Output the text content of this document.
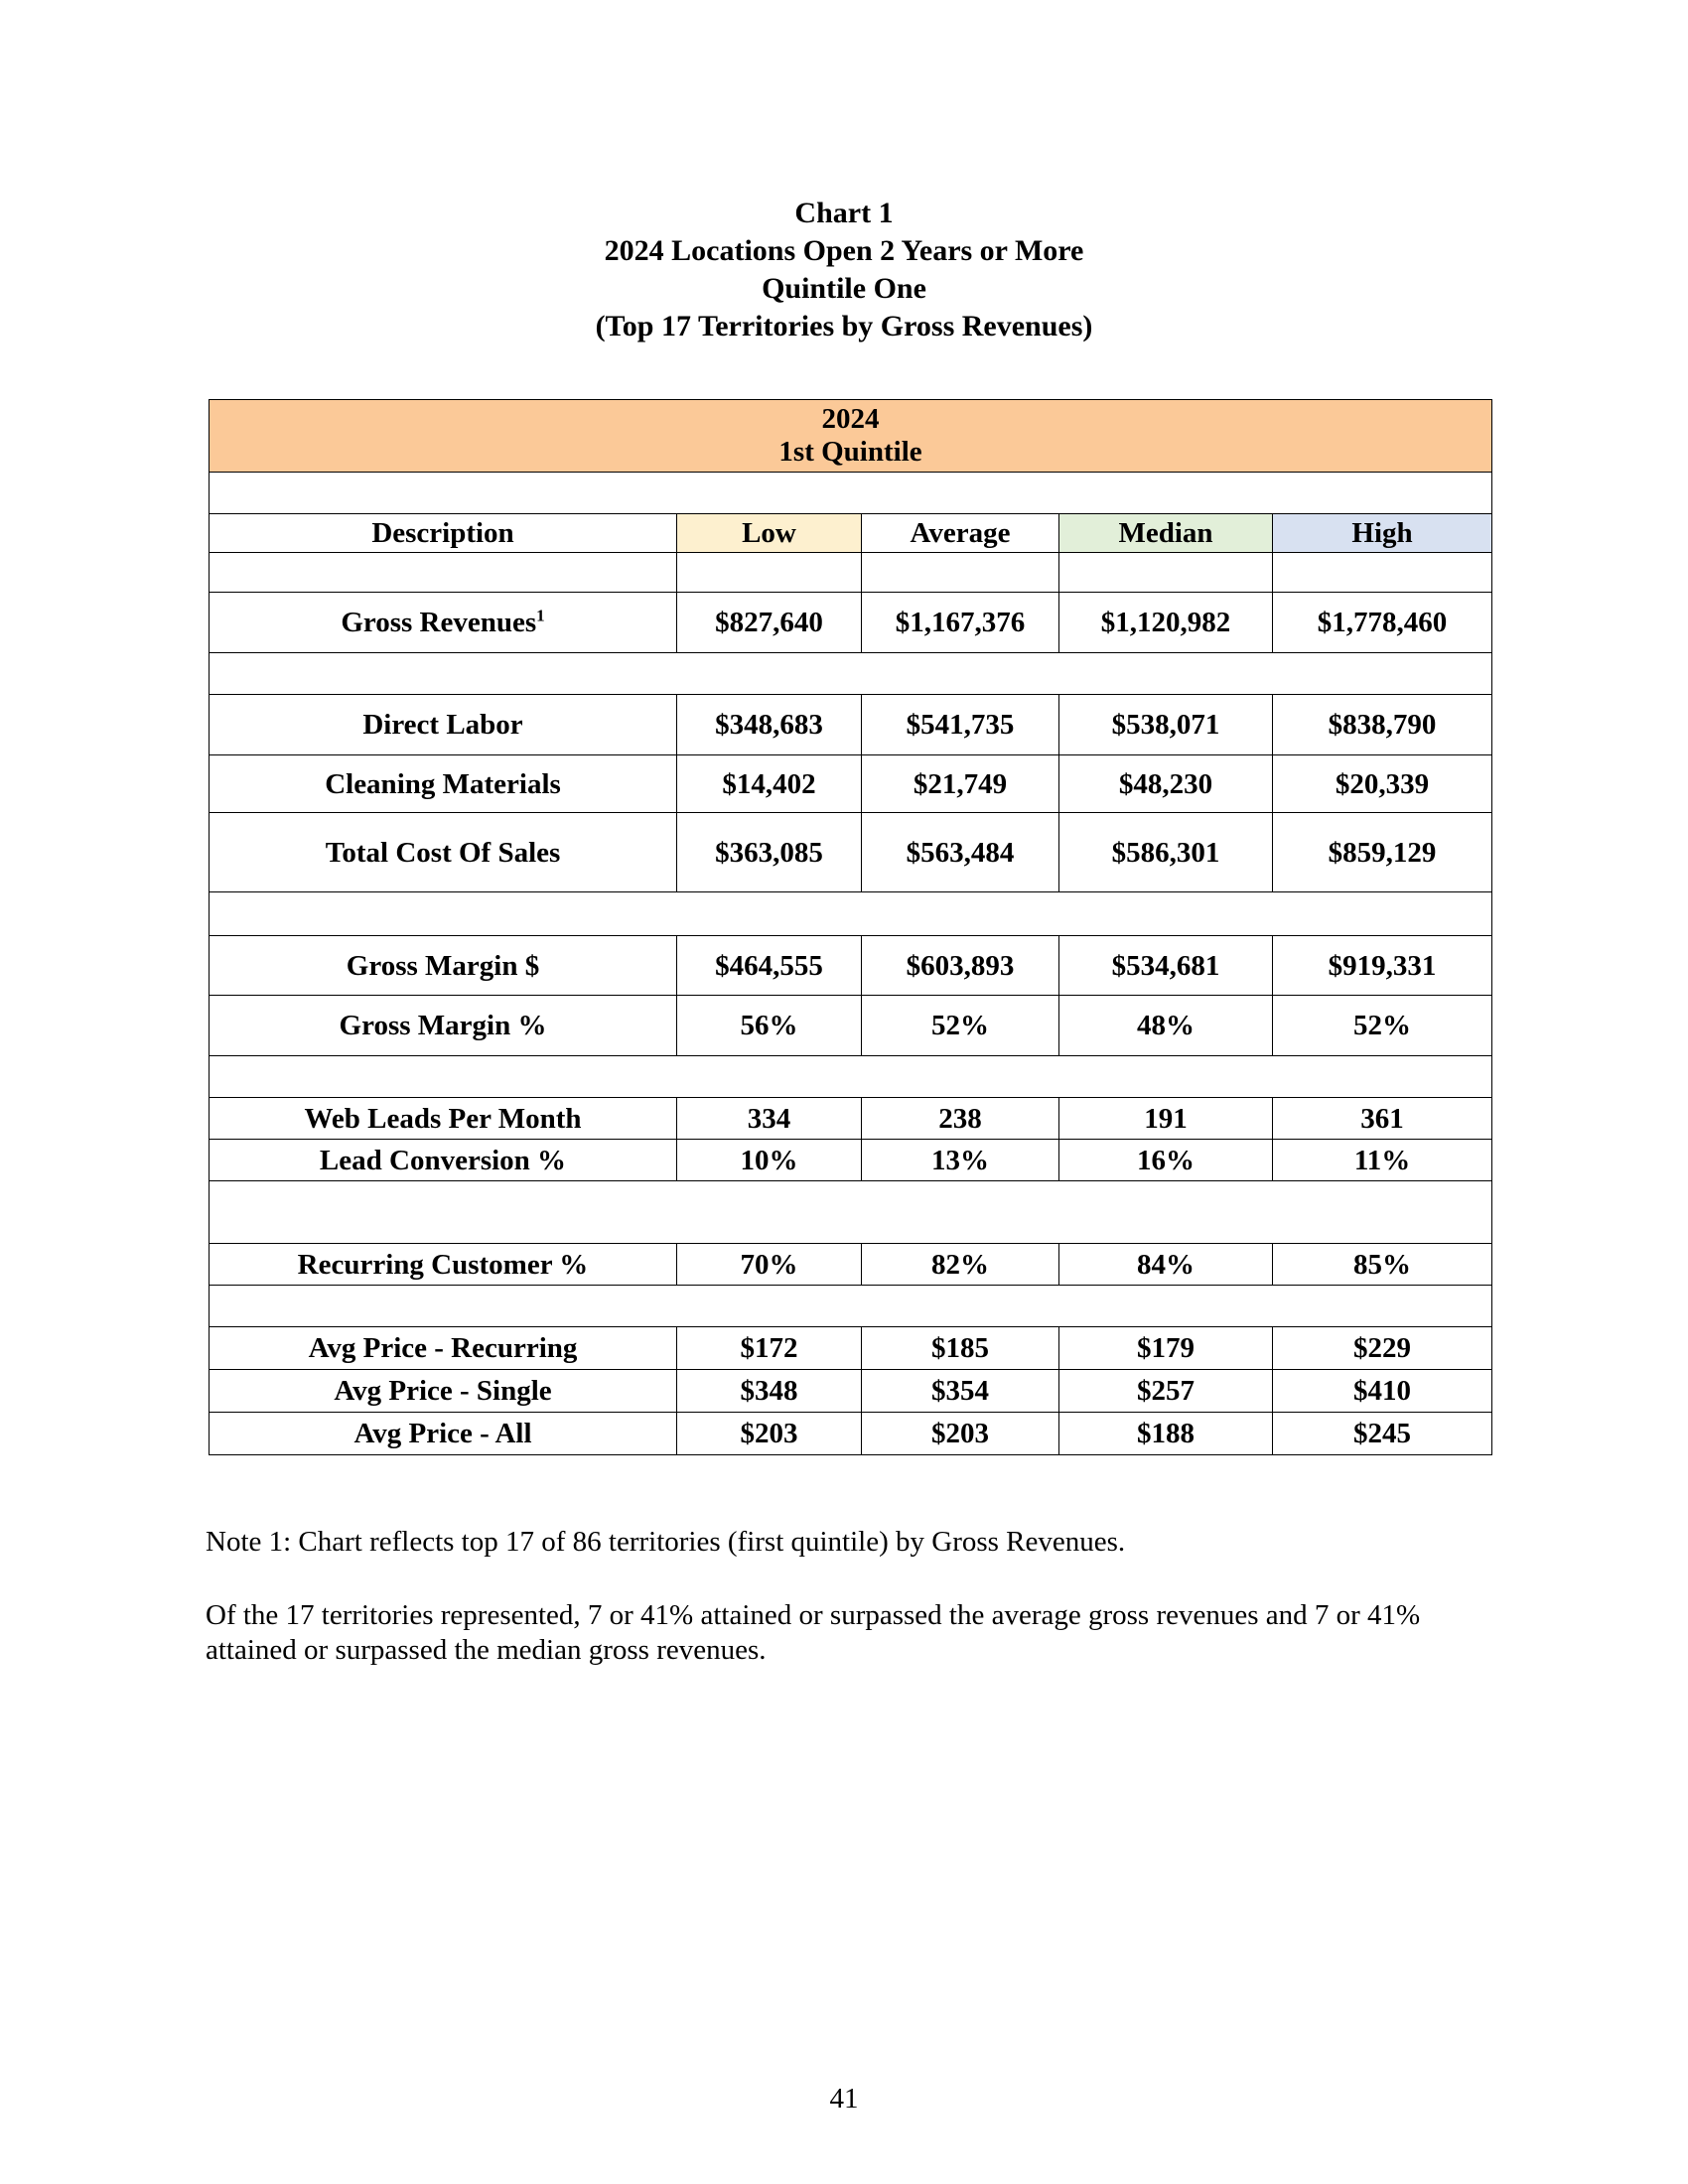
Chart 1
2024 Locations Open 2 Years or More
Quintile One
(Top 17 Territories by Gross Revenues)
2024
1st Quintile				

Description	Low	Average	Median	High

Gross Revenues$^1$	$827,640	$1,167,376	$1,120,982	$1,778,460

Direct Labor	$348,683	$541,735	$538,071	$838,790
Cleaning Materials	$14,402	$21,749	$48,230	$20,339
Total Cost Of Sales	$363,085	$563,484	$586,301	$859,129

Gross Margin $	$464,555	$603,893	$534,681	$919,331
Gross Margin %	56%	52%	48%	52%

Web Leads Per Month	334	238	191	361
Lead Conversion %	10%	13%	16%	11%

Recurring Customer %	70%	82%	84%	85%

Avg Price - Recurring	$172	$185	$179	$229
Avg Price - Single	$348	$354	$257	$410
Avg Price - All	$203	$203	$188	$245
Note 1: Chart reflects top 17 of 86 territories (first quintile) by Gross Revenues.
Of the 17 territories represented, 7 or 41% attained or surpassed the average gross revenues and 7 or 41% attained or surpassed the median gross revenues.
41
